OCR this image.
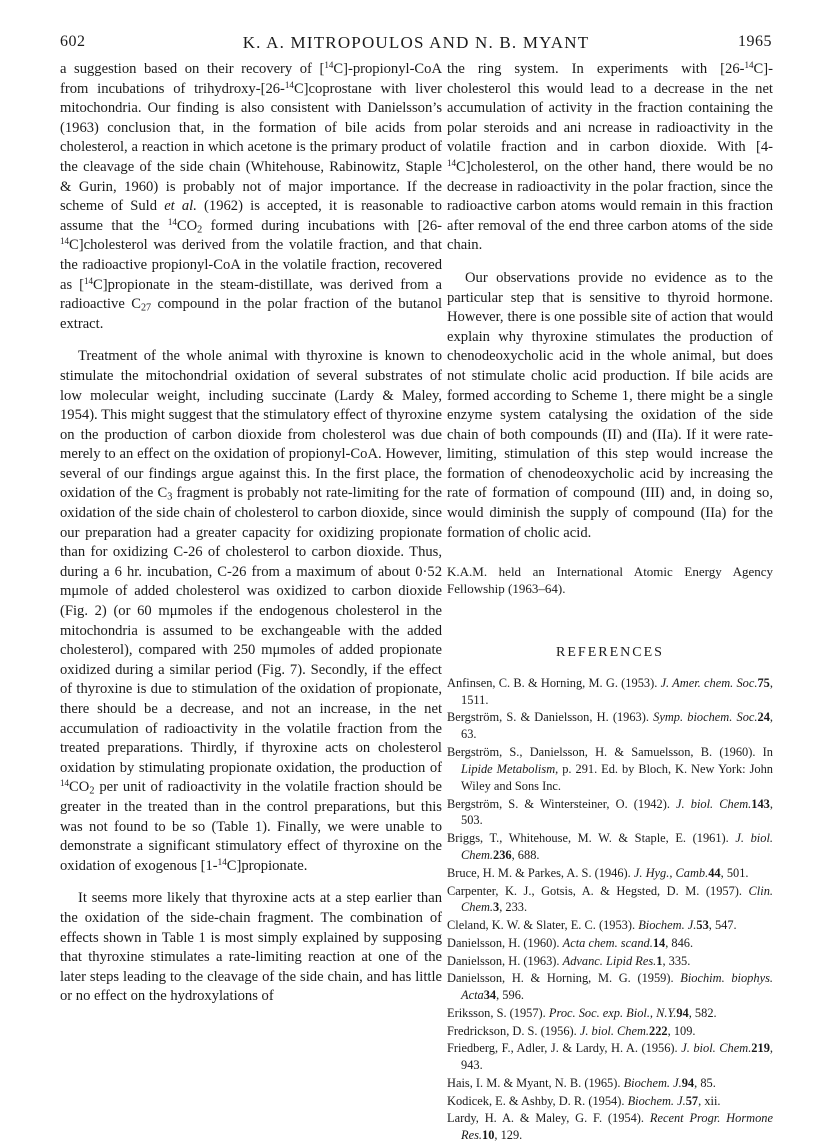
602	K. A. MITROPOULOS AND N. B. MYANT	1965

a suggestion based on their recovery of [$^{14}$C]-propionyl-CoA from incubations of trihydroxy-[26-$^{14}$C]coprostane with liver mitochondria. Our finding is also consistent with Danielsson’s (1963) conclusion that, in the formation of bile acids from cholesterol, a reaction in which acetone is the primary product of the cleavage of the side chain (Whitehouse, Rabinowitz, Staple & Gurin, 1960) is probably not of major importance. If the scheme of Suld et al. (1962) is accepted, it is reasonable to assume that the $^{14}CO_2$ formed during incubations with [26-$^{14}$C]cholesterol was derived from the volatile fraction, and that the radioactive propionyl-CoA in the volatile fraction, recovered as [$^{14}$C]propionate in the steam-distillate, was derived from a radioactive $C_{27}$ compound in the polar fraction of the butanol extract.

Treatment of the whole animal with thyroxine is known to stimulate the mitochondrial oxidation of several substrates of low molecular weight, including succinate (Lardy & Maley, 1954). This might suggest that the stimulatory effect of thyroxine on the production of carbon dioxide from cholesterol was due merely to an effect on the oxidation of propionyl-CoA. However, several of our findings argue against this. In the first place, the oxidation of the $C_3$ fragment is probably not rate-limiting for the oxidation of the side chain of cholesterol to carbon dioxide, since our preparation had a greater capacity for oxidizing propionate than for oxidizing C-26 of cholesterol to carbon dioxide. Thus, during a 6 hr. incubation, C-26 from a maximum of about 0·52 mμmole of added cholesterol was oxidized to carbon dioxide (Fig. 2) (or 60 mμmoles if the endogenous cholesterol in the mitochondria is assumed to be exchangeable with the added cholesterol), compared with 250 mμmoles of added propionate oxidized during a similar period (Fig. 7). Secondly, if the effect of thyroxine is due to stimulation of the oxidation of propionate, there should be a decrease, and not an increase, in the net accumulation of radioactivity in the volatile fraction from the treated preparations. Thirdly, if thyroxine acts on cholesterol oxidation by stimulating propionate oxidation, the production of $^{14}CO_2$ per unit of radioactivity in the volatile fraction should be greater in the treated than in the control preparations, but this was not found to be so (Table 1). Finally, we were unable to demonstrate a significant stimulatory effect of thyroxine on the oxidation of exogenous [1-$^{14}$C]propionate.

It seems more likely that thyroxine acts at a step earlier than the oxidation of the side-chain fragment. The combination of effects shown in Table 1 is most simply explained by supposing that thyroxine stimulates a rate-limiting reaction at one of the later steps leading to the cleavage of the side chain, and has little or no effect on the hydroxylations of

the ring system. In experiments with [26-$^{14}$C]-cholesterol this would lead to a decrease in the net accumulation of activity in the fraction containing the polar steroids and ani ncrease in radioactivity in the volatile fraction and in carbon dioxide. With [4-$^{14}$C]cholesterol, on the other hand, there would be no decrease in radioactivity in the polar fraction, since the radioactive carbon atoms would remain in this fraction after removal of the end three carbon atoms of the side chain.

Our observations provide no evidence as to the particular step that is sensitive to thyroid hormone. However, there is one possible site of action that would explain why thyroxine stimulates the production of chenodeoxycholic acid in the whole animal, but does not stimulate cholic acid production. If bile acids are formed according to Scheme 1, there might be a single enzyme system catalysing the oxidation of the side chain of both compounds (II) and (IIa). If it were rate-limiting, stimulation of this step would increase the formation of chenodeoxycholic acid by increasing the rate of formation of compound (III) and, in doing so, would diminish the supply of compound (IIa) for the formation of cholic acid.

K.A.M. held an International Atomic Energy Agency Fellowship (1963–64).

REFERENCES
Anfinsen, C. B. & Horning, M. G. (1953). J. Amer. chem. Soc.75, 1511.
Bergström, S. & Danielsson, H. (1963). Symp. biochem. Soc.24, 63.
Bergström, S., Danielsson, H. & Samuelsson, B. (1960). In Lipide Metabolism, p. 291. Ed. by Bloch, K. New York: John Wiley and Sons Inc.
Bergström, S. & Wintersteiner, O. (1942). J. biol. Chem.143, 503.
Briggs, T., Whitehouse, M. W. & Staple, E. (1961). J. biol. Chem.236, 688.
Bruce, H. M. & Parkes, A. S. (1946). J. Hyg., Camb.44, 501.
Carpenter, K. J., Gotsis, A. & Hegsted, D. M. (1957). Clin. Chem.3, 233.
Cleland, K. W. & Slater, E. C. (1953). Biochem. J.53, 547.
Danielsson, H. (1960). Acta chem. scand.14, 846.
Danielsson, H. (1963). Advanc. Lipid Res.1, 335.
Danielsson, H. & Horning, M. G. (1959). Biochim. biophys. Acta34, 596.
Eriksson, S. (1957). Proc. Soc. exp. Biol., N.Y.94, 582.
Fredrickson, D. S. (1956). J. biol. Chem.222, 109.
Friedberg, F., Adler, J. & Lardy, H. A. (1956). J. biol. Chem.219, 943.
Hais, I. M. & Myant, N. B. (1965). Biochem. J.94, 85.
Kodicek, E. & Ashby, D. R. (1954). Biochem. J.57, xii.
Lardy, H. A. & Maley, G. F. (1954). Recent Progr. Hormone Res.10, 129.
